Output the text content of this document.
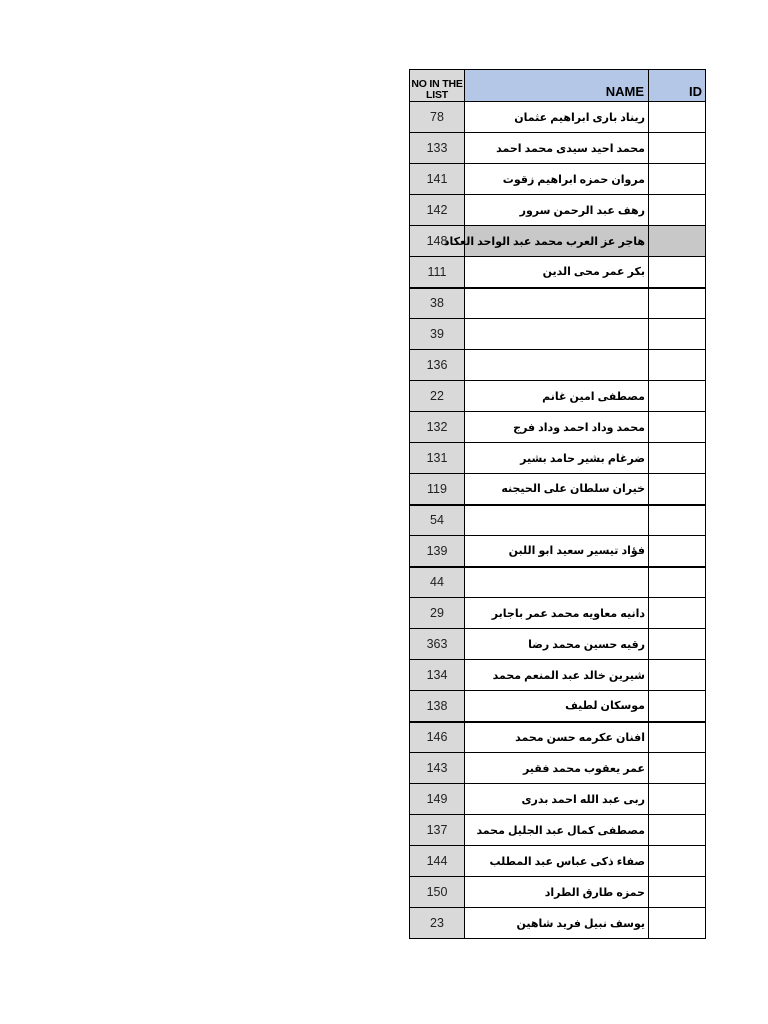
NO IN THE LIST	NAME	ID
78	ريناد بارى ابراهيم عثمان	
133	محمد احيد سيدى محمد احمد	
141	مروان حمزه ابراهيم زقوت	
142	رهف عبد الرحمن سرور	
148	هاجر عز العرب محمد عبد الواحد العكاد	
111	بكر عمر محى الدين	
38		
39		
136		
22	مصطفى امين غانم	
132	محمد وداد احمد وداد فرج	
131	ضرغام بشير حامد بشير	
119	خيران سلطان على الحيجنه	
54		
139	فؤاد تيسير سعيد ابو اللبن	
44		
29	دانيه معاويه محمد عمر باجابر	
363	رقيه حسين محمد رضا	
134	شيرين خالد عبد المنعم محمد	
138	موسكان لطيف	
146	افنان عكرمه حسن محمد	
143	عمر يعقوب محمد فقير	
149	ربى عبد الله احمد بدرى	
137	مصطفى كمال عبد الجليل محمد	
144	صفاء ذكى عباس عبد المطلب	
150	حمزه طارق الطراد	
23	يوسف نبيل فريد شاهين	
